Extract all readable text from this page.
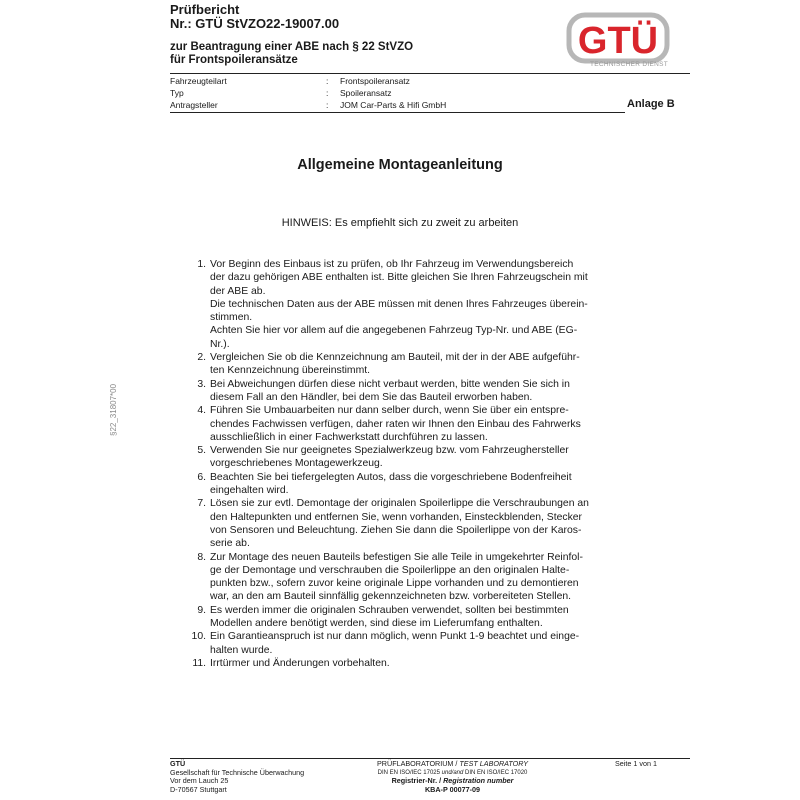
Prüfbericht
Nr.: GTÜ StVZO22-19007.00
zur Beantragung einer ABE nach § 22 StVZO
für Frontspoileransätze	GTÜ
TECHNISCHER DIENST
Fahrzeugteilart	: Frontspoileransatz
Typ	: Spoileransatz
Antragsteller	: JOM Car-Parts & Hifi GmbH	Anlage B
Allgemeine Montageanleitung
HINWEIS: Es empfiehlt sich zu zweit zu arbeiten
§22_31807*00
1. Vor Beginn des Einbaus ist zu prüfen, ob Ihr Fahrzeug im Verwendungsbereich
der dazu gehörigen ABE enthalten ist. Bitte gleichen Sie Ihren Fahrzeugschein mit
der ABE ab.
Die technischen Daten aus der ABE müssen mit denen Ihres Fahrzeuges überein-
stimmen.
Achten Sie hier vor allem auf die angegebenen Fahrzeug Typ-Nr. und ABE (EG-
Nr.).
2. Vergleichen Sie ob die Kennzeichnung am Bauteil, mit der in der ABE aufgeführ-
ten Kennzeichnung übereinstimmt.
3. Bei Abweichungen dürfen diese nicht verbaut werden, bitte wenden Sie sich in
diesem Fall an den Händler, bei dem Sie das Bauteil erworben haben.
4. Führen Sie Umbauarbeiten nur dann selber durch, wenn Sie über ein entspre-
chendes Fachwissen verfügen, daher raten wir Ihnen den Einbau des Fahrwerks
ausschließlich in einer Fachwerkstatt durchführen zu lassen.
5. Verwenden Sie nur geeignetes Spezialwerkzeug bzw. vom Fahrzeughersteller
vorgeschriebenes Montagewerkzeug.
6. Beachten Sie bei tiefergelegten Autos, dass die vorgeschriebene Bodenfreiheit
eingehalten wird.
7. Lösen sie zur evtl. Demontage der originalen Spoilerlippe die Verschraubungen an
den Haltepunkten und entfernen Sie, wenn vorhanden, Einsteckblenden, Stecker
von Sensoren und Beleuchtung. Ziehen Sie dann die Spoilerlippe von der Karos-
serie ab.
8. Zur Montage des neuen Bauteils befestigen Sie alle Teile in umgekehrter Reinfol-
ge der Demontage und verschrauben die Spoilerlippe an den originalen Halte-
punkten bzw., sofern zuvor keine originale Lippe vorhanden und zu demontieren
war, an den am Bauteil sinnfällig gekennzeichneten bzw. vorbereiteten Stellen.
9. Es werden immer die originalen Schrauben verwendet, sollten bei bestimmten
Modellen andere benötigt werden, sind diese im Lieferumfang enthalten.
10. Ein Garantieanspruch ist nur dann möglich, wenn Punkt 1-9 beachtet und einge-
halten wurde.
11. Irrtürmer und Änderungen vorbehalten.
GTÜ
Gesellschaft für Technische Überwachung
Vor dem Lauch 25
D-70567 Stuttgart
PRÜFLABORATORIUM / TEST LABORATORY
DIN EN ISO/IEC 17025 und/and DIN EN ISO/IEC 17020
Registrier-Nr. / Registration number
KBA-P 00077-09
Seite 1 von 1
